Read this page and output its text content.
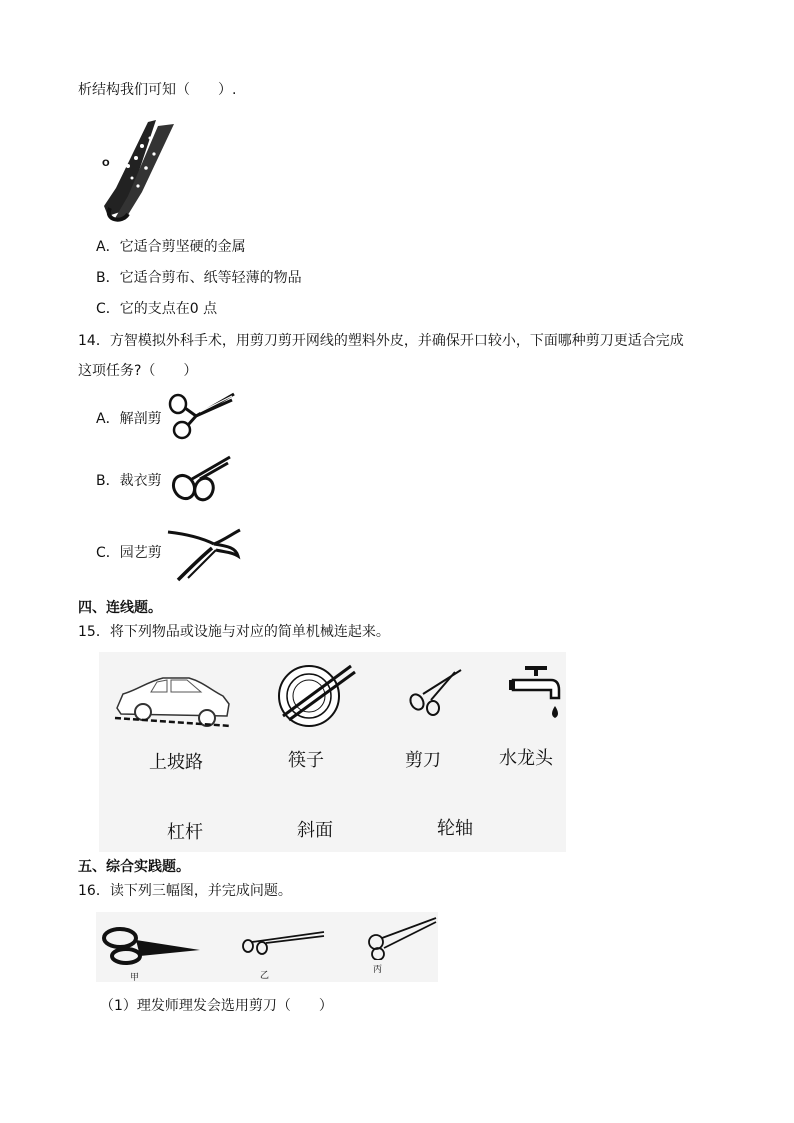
析结构我们可知（　　）.
O
A．它适合剪坚硬的金属
B．它适合剪布、纸等轻薄的物品
C．它的支点在0 点
14．方智模拟外科手术，用剪刀剪开网线的塑料外皮，并确保开口较小，下面哪种剪刀更适合完成
这项任务?（　　）
A．解剖剪
B．裁衣剪
C．园艺剪
四、连线题。
15．将下列物品或设施与对应的简单机械连起来。
上坡路	筷子	剪刀	水龙头
杠杆	斜面	轮轴
五、综合实践题。
16．读下列三幅图，并完成问题。
甲	乙
丙
（1）理发师理发会选用剪刀（　　）
